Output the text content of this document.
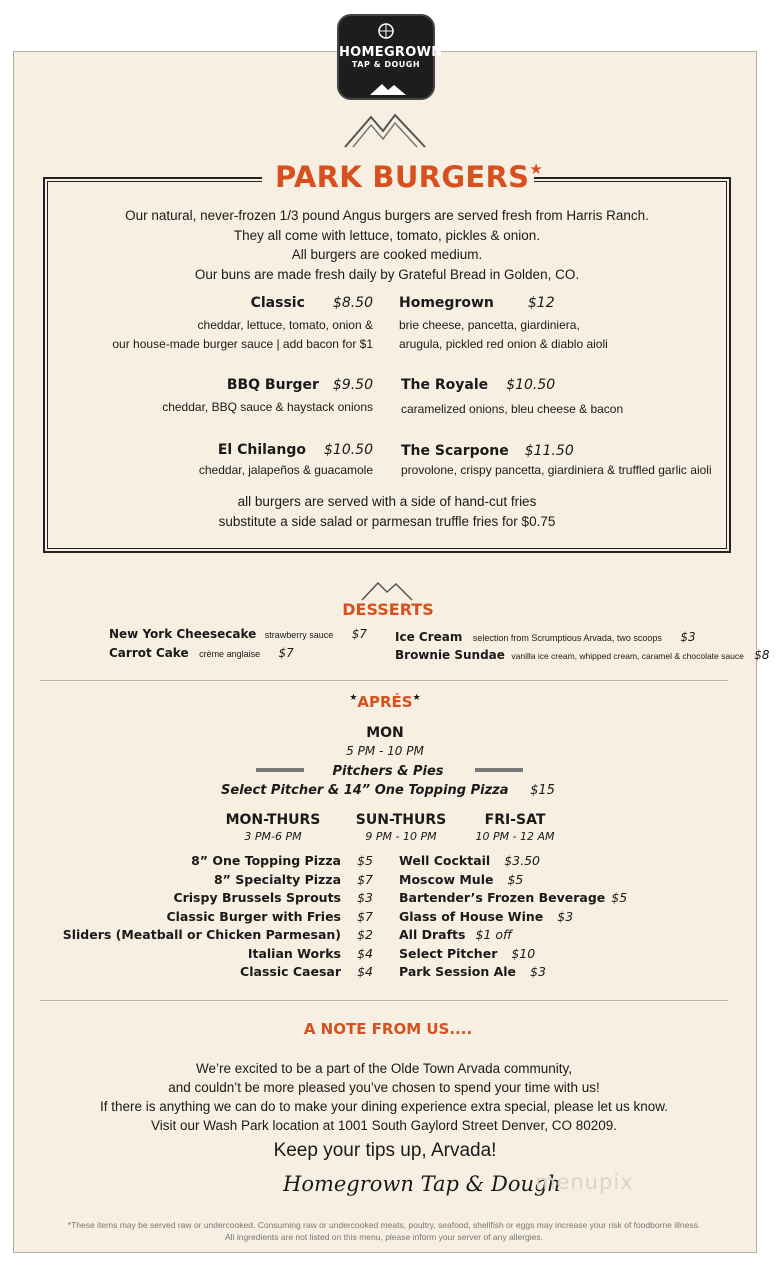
HOMEGROWN
TAP & DOUGH
PARK BURGERS★
Our natural, never-frozen 1/3 pound Angus burgers are served fresh from Harris Ranch.
They all come with lettuce, tomato, pickles & onion.
All burgers are cooked medium.
Our buns are made fresh daily by Grateful Bread in Golden, CO.
Classic $8.50
cheddar, lettuce, tomato, onion &
our house-made burger sauce | add bacon for $1
Homegrown $12
brie cheese, pancetta, giardiniera,
arugula, pickled red onion & diablo aioli
BBQ Burger $9.50
cheddar, BBQ sauce & haystack onions
The Royale $10.50
caramelized onions, bleu cheese & bacon
El Chilango $10.50
cheddar, jalapeños & guacamole
The Scarpone $11.50
provolone, crispy pancetta, giardiniera & truffled garlic aioli
all burgers are served with a side of hand-cut fries
substitute a side salad or parmesan truffle fries for $0.75
DESSERTS
New York Cheesecake strawberry sauce $7
Carrot Cake crème anglaise $7
Ice Cream selection from Scrumptious Arvada, two scoops $3
Brownie Sundae vanilla ice cream, whipped cream, caramel & chocolate sauce $8
★APRÉS★
MON
5 PM - 10 PM
Pitchers & Pies
Select Pitcher & 14” One Topping Pizza $15
MON-THURS
3 PM-6 PM
SUN-THURS
9 PM - 10 PM
FRI-SAT
10 PM - 12 AM
8” One Topping Pizza $5
8” Specialty Pizza $7
Crispy Brussels Sprouts $3
Classic Burger with Fries $7
Sliders (Meatball or Chicken Parmesan) $2
Italian Works $4
Classic Caesar $4
Well Cocktail $3.50
Moscow Mule $5
Bartender’s Frozen Beverage $5
Glass of House Wine $3
All Drafts $1 off
Select Pitcher $10
Park Session Ale $3
A NOTE FROM US....
We’re excited to be a part of the Olde Town Arvada community,
and couldn’t be more pleased you’ve chosen to spend your time with us!
If there is anything we can do to make your dining experience extra special, please let us know.
Visit our Wash Park location at 1001 South Gaylord Street Denver, CO 80209.
Keep your tips up, Arvada!
Homegrown Tap & Dough
menupix
*These items may be served raw or undercooked. Consuming raw or undercooked meats, poultry, seafood, shellfish or eggs may increase your risk of foodborne illness.
All ingredients are not listed on this menu, please inform your server of any allergies.
